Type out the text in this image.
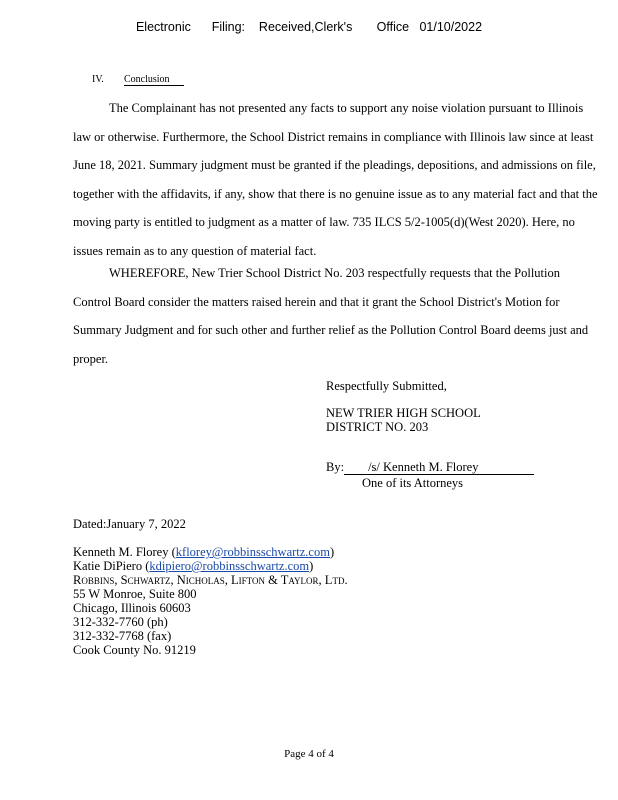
Electronic      Filing:    Received,Clerk's       Office   01/10/2022
IV. Conclusion

The Complainant has not presented any facts to support any noise violation pursuant to Illinois law or otherwise. Furthermore, the School District remains in compliance with Illinois law since at least June 18, 2021. Summary judgment must be granted if the pleadings, depositions, and admissions on file, together with the affidavits, if any, show that there is no genuine issue as to any material fact and that the moving party is entitled to judgment as a matter of law. 735 ILCS 5/2-1005(d)(West 2020). Here, no issues remain as to any question of material fact.

WHEREFORE, New Trier School District No. 203 respectfully requests that the Pollution Control Board consider the matters raised herein and that it grant the School District's Motion for Summary Judgment and for such other and further relief as the Pollution Control Board deems just and proper.

Respectfully Submitted,
NEW TRIER HIGH SCHOOL
DISTRICT NO. 203
By: /s/ Kenneth M. Florey
One of its Attorneys
Dated:January 7, 2022
Kenneth M. Florey (kflorey@robbinsschwartz.com)
Katie DiPiero (kdipiero@robbinsschwartz.com)
Robbins, Schwartz, Nicholas, Lifton & Taylor, Ltd.
55 W Monroe, Suite 800
Chicago, Illinois 60603
312-332-7760 (ph)
312-332-7768 (fax)
Cook County No. 91219
Page 4 of 4
